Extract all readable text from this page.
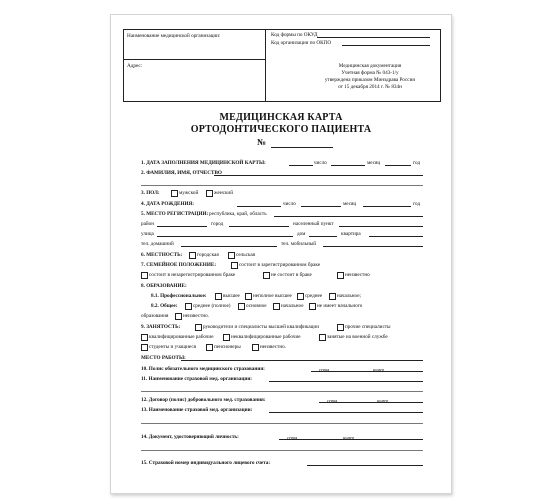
Наименование медицинской организации:
Адрес:
Код формы по ОКУД
Код организации по ОКПО
Медицинская документация
Учетная форма № 043-1/у
утверждена приказом Минздрава России
от 15 декабря 2014 г. № 834н
МЕДИЦИНСКАЯ КАРТА
ОРТОДОНТИЧЕСКОГО ПАЦИЕНТА
№
1. ДАТА ЗАПОЛНЕНИЯ МЕДИЦИНСКОЙ КАРТЫ:	число	месяц	год
2. ФАМИЛИЯ, ИМЯ, ОТЧЕСТВО
3. ПОЛ:	мужской	женский
4. ДАТА РОЖДЕНИЯ:	число	месяц	год
5. МЕСТО РЕГИСТРАЦИИ: республика, край, область
район	город	населенный пункт
улица	дом	квартира
тел. домашний	тел. мобильный
6. МЕСТНОСТЬ:	городская	сельская
7. СЕМЕЙНОЕ ПОЛОЖЕНИЕ:	состоит в зарегистрированном браке
состоит в незарегистрированном браке	не состоит в браке	неизвестно
8. ОБРАЗОВАНИЕ:
8.1. Профессиональное:	высшее	неполное высшее	среднее	начальное;
8.2. Общее:	среднее (полное)	основное	начальное	не имеет начального
образования	неизвестно.
9. ЗАНЯТОСТЬ:	руководители и специалисты высшей квалификации	прочие специалисты
квалифицированные рабочие	неквалифицированные рабочие	занятые на военной службе
студенты и учащиеся	пенсионеры	неизвестно.
МЕСТО РАБОТЫ:
10. Полис обязательного медицинского страхования:	серия	номер
11. Наименование страховой мед. организации:
12. Договор (полис) добровольного мед. страхования:	серия	номер
13. Наименование страховой мед. организации:
14. Документ, удостоверяющий личность:	серия	номер
15. Страховой номер индивидуального лицевого счета:
